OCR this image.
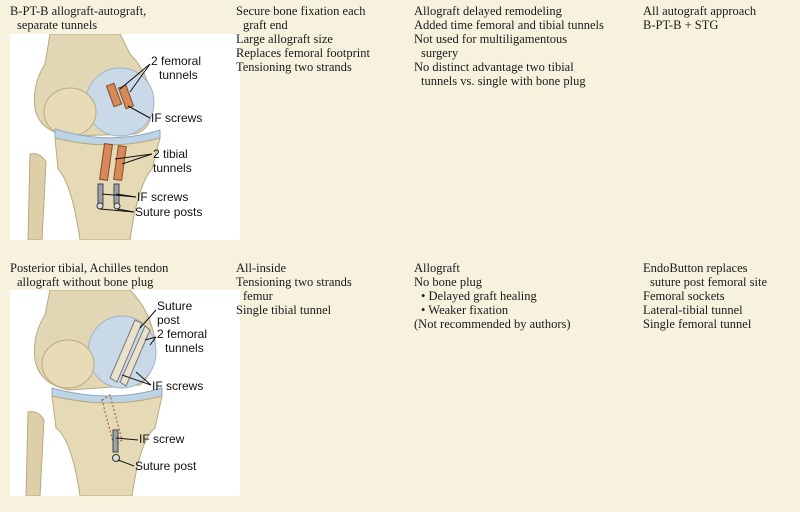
B-PT-B allograft-autograft,
separate tunnels
2 femoral
tunnels
IF screws
2 tibial
tunnels
IF screws
Suture posts
Secure bone fixation each
graft end
Large allograft size
Replaces femoral footprint
Tensioning two strands
Allograft delayed remodeling
Added time femoral and tibial tunnels
Not used for multiligamentous
surgery
No distinct advantage two tibial
tunnels vs. single with bone plug
All autograft approach
B-PT-B + STG
Posterior tibial, Achilles tendon
allograft without bone plug
Suture
post
2 femoral
tunnels
IF screws
IF screw
Suture post
All-inside
Tensioning two strands
femur
Single tibial tunnel
Allograft
No bone plug
• Delayed graft healing
• Weaker fixation
(Not recommended by authors)
EndoButton replaces
suture post femoral site
Femoral sockets
Lateral-tibial tunnel
Single femoral tunnel
